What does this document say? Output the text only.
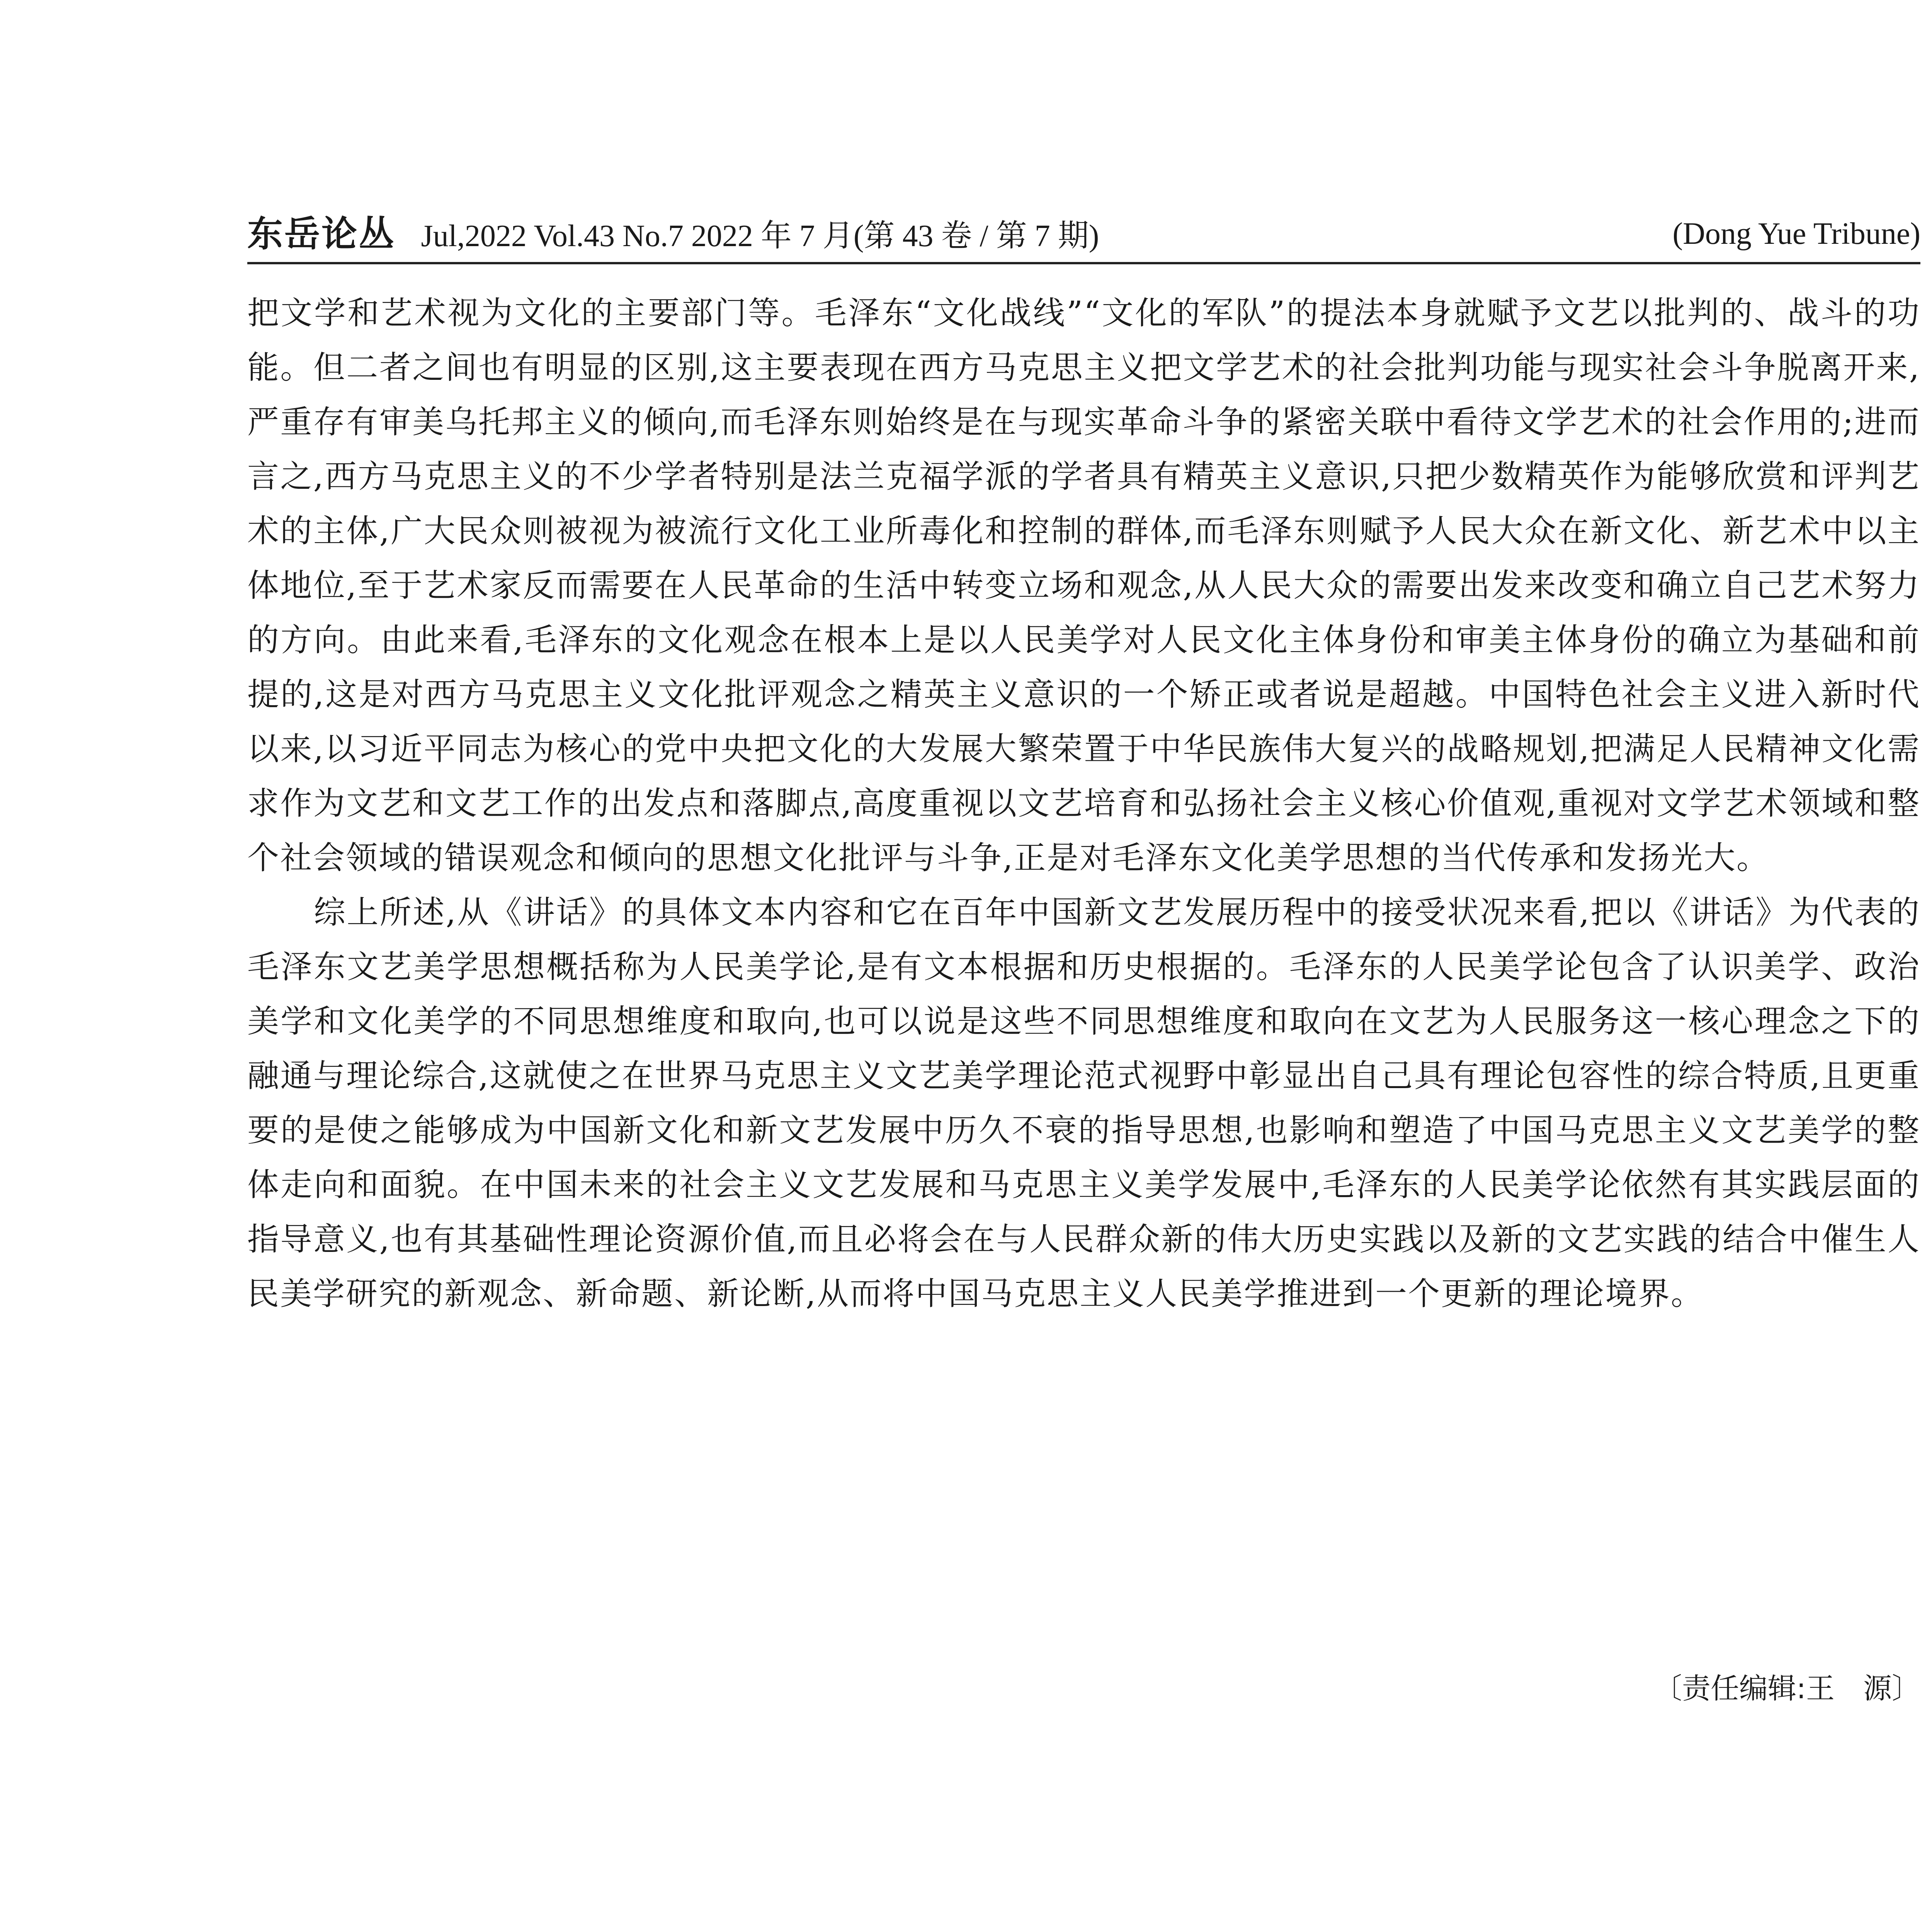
东岳论丛 Jul,2022 Vol.43 No.7 2022 年 7 月(第 43 卷 / 第 7 期)	(Dong Yue Tribune)

把文学和艺术视为文化的主要部门等。毛泽东“文化战线”“文化的军队”的提法本身就赋予文艺以批判的、战斗的功能。但二者之间也有明显的区别,这主要表现在西方马克思主义把文学艺术的社会批判功能与现实社会斗争脱离开来,严重存有审美乌托邦主义的倾向,而毛泽东则始终是在与现实革命斗争的紧密关联中看待文学艺术的社会作用的;进而言之,西方马克思主义的不少学者特别是法兰克福学派的学者具有精英主义意识,只把少数精英作为能够欣赏和评判艺术的主体,广大民众则被视为被流行文化工业所毒化和控制的群体,而毛泽东则赋予人民大众在新文化、新艺术中以主体地位,至于艺术家反而需要在人民革命的生活中转变立场和观念,从人民大众的需要出发来改变和确立自己艺术努力的方向。由此来看,毛泽东的文化观念在根本上是以人民美学对人民文化主体身份和审美主体身份的确立为基础和前提的,这是对西方马克思主义文化批评观念之精英主义意识的一个矫正或者说是超越。中国特色社会主义进入新时代以来,以习近平同志为核心的党中央把文化的大发展大繁荣置于中华民族伟大复兴的战略规划,把满足人民精神文化需求作为文艺和文艺工作的出发点和落脚点,高度重视以文艺培育和弘扬社会主义核心价值观,重视对文学艺术领域和整个社会领域的错误观念和倾向的思想文化批评与斗争,正是对毛泽东文化美学思想的当代传承和发扬光大。

综上所述,从《讲话》的具体文本内容和它在百年中国新文艺发展历程中的接受状况来看,把以《讲话》为代表的毛泽东文艺美学思想概括称为人民美学论,是有文本根据和历史根据的。毛泽东的人民美学论包含了认识美学、政治美学和文化美学的不同思想维度和取向,也可以说是这些不同思想维度和取向在文艺为人民服务这一核心理念之下的融通与理论综合,这就使之在世界马克思主义文艺美学理论范式视野中彰显出自己具有理论包容性的综合特质,且更重要的是使之能够成为中国新文化和新文艺发展中历久不衰的指导思想,也影响和塑造了中国马克思主义文艺美学的整体走向和面貌。在中国未来的社会主义文艺发展和马克思主义美学发展中,毛泽东的人民美学论依然有其实践层面的指导意义,也有其基础性理论资源价值,而且必将会在与人民群众新的伟大历史实践以及新的文艺实践的结合中催生人民美学研究的新观念、新命题、新论断,从而将中国马克思主义人民美学推进到一个更新的理论境界。

〔责任编辑:王　源〕
